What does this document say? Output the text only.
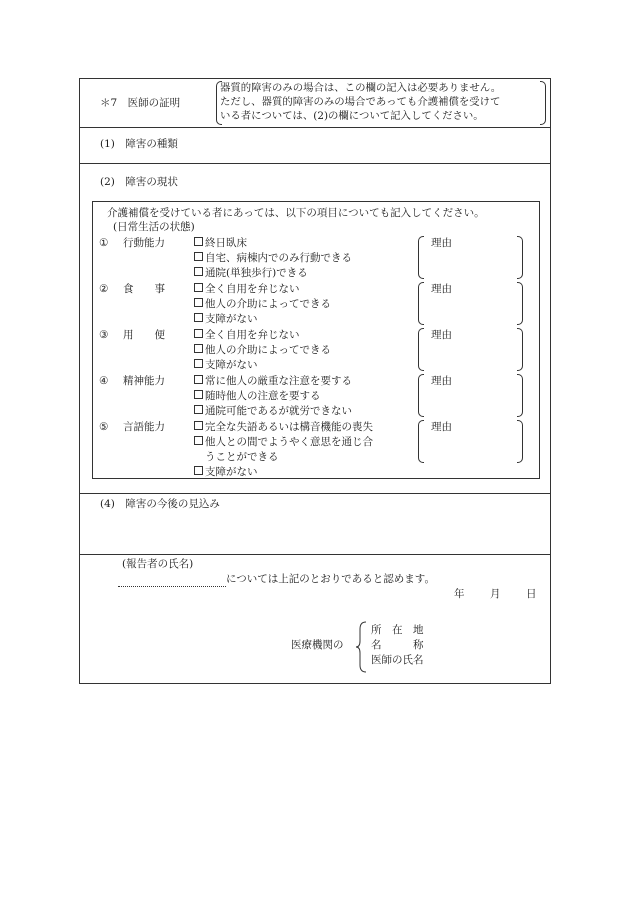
＊7　医師の証明
器質的障害のみの場合は、この欄の記入は必要ありません。
ただし、器質的障害のみの場合であっても介護補償を受けて
いる者については、(2)の欄について記入してください。
(1)　障害の種類
(2)　障害の現状
介護補償を受けている者にあっては、以下の項目についても記入してください。
(日常生活の状態)
① 行動能力	終日臥床
自宅、病棟内でのみ行動できる
通院(単独歩行)できる
理由
② 食　　事	全く自用を弁じない
他人の介助によってできる
支障がない
理由
③ 用　　便	全く自用を弁じない
他人の介助によってできる
支障がない
理由
④ 精神能力	常に他人の厳重な注意を要する
随時他人の注意を要する
通院可能であるが就労できない
理由
⑤ 言語能力	完全な失語あるいは構音機能の喪失
他人との間でようやく意思を通じ合
うことができる
支障がない
理由
(4)　障害の今後の見込み
(報告者の氏名)
については上記のとおりであると認めます。
年 月 日
医療機関の
所　在　地
名　　　称
医師の氏名
